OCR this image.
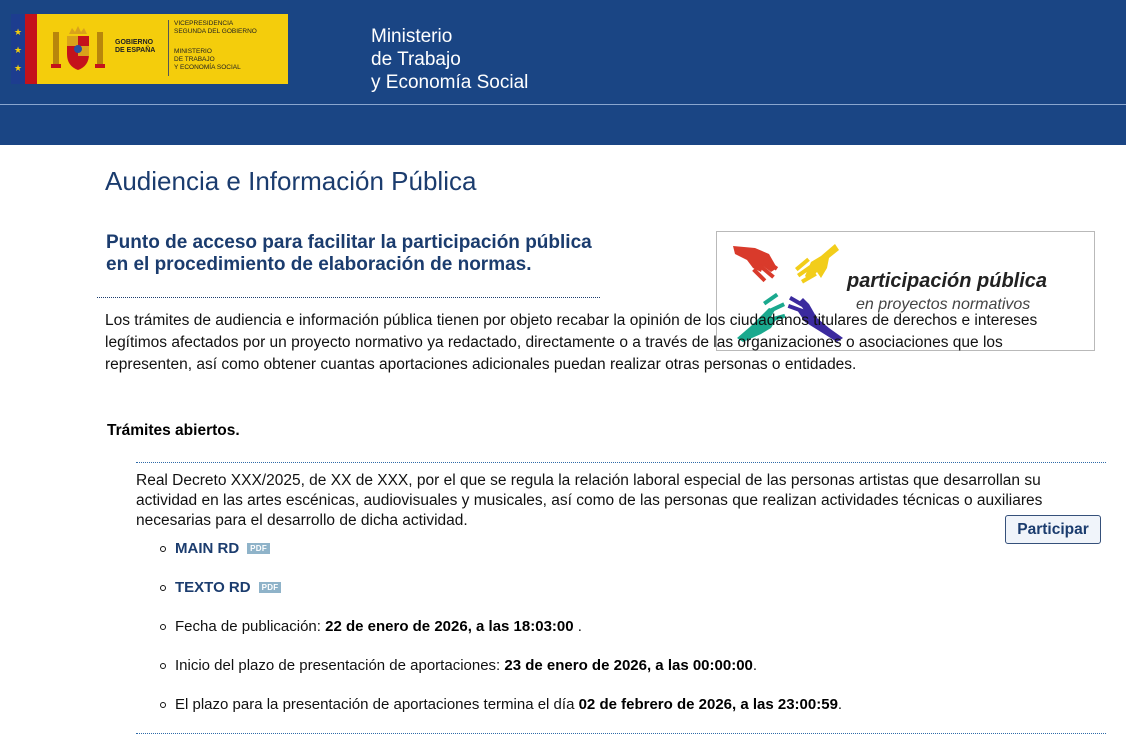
★
★
★
GOBIERNO
DE ESPAÑA
VICEPRESIDENCIA
SEGUNDA DEL GOBIERNO
MINISTERIO
DE TRABAJO
Y ECONOMÍA SOCIAL
Ministerio
de Trabajo
y Economía Social
Audiencia e Información Pública
Punto de acceso para facilitar la participación pública en el procedimiento de elaboración de normas.
participación pública
en proyectos normativos
Los trámites de audiencia e información pública tienen por objeto recabar la opinión de los ciudadanos titulares de derechos e intereses legítimos afectados por un proyecto normativo ya redactado, directamente o a través de las organizaciones o asociaciones que los representen, así como obtener cuantas aportaciones adicionales puedan realizar otras personas o entidades.
Trámites abiertos.
Real Decreto XXX/2025, de XX de XXX, por el que se regula la relación laboral especial de las personas artistas que desarrollan su actividad en las artes escénicas, audiovisuales y musicales, así como de las personas que realizan actividades técnicas o auxiliares necesarias para el desarrollo de dicha actividad.	Participar
MAIN RD PDF
TEXTO RD PDF
Fecha de publicación: 22 de enero de 2026, a las 18:03:00 .
Inicio del plazo de presentación de aportaciones: 23 de enero de 2026, a las 00:00:00.
El plazo para la presentación de aportaciones termina el día 02 de febrero de 2026, a las 23:00:59.
